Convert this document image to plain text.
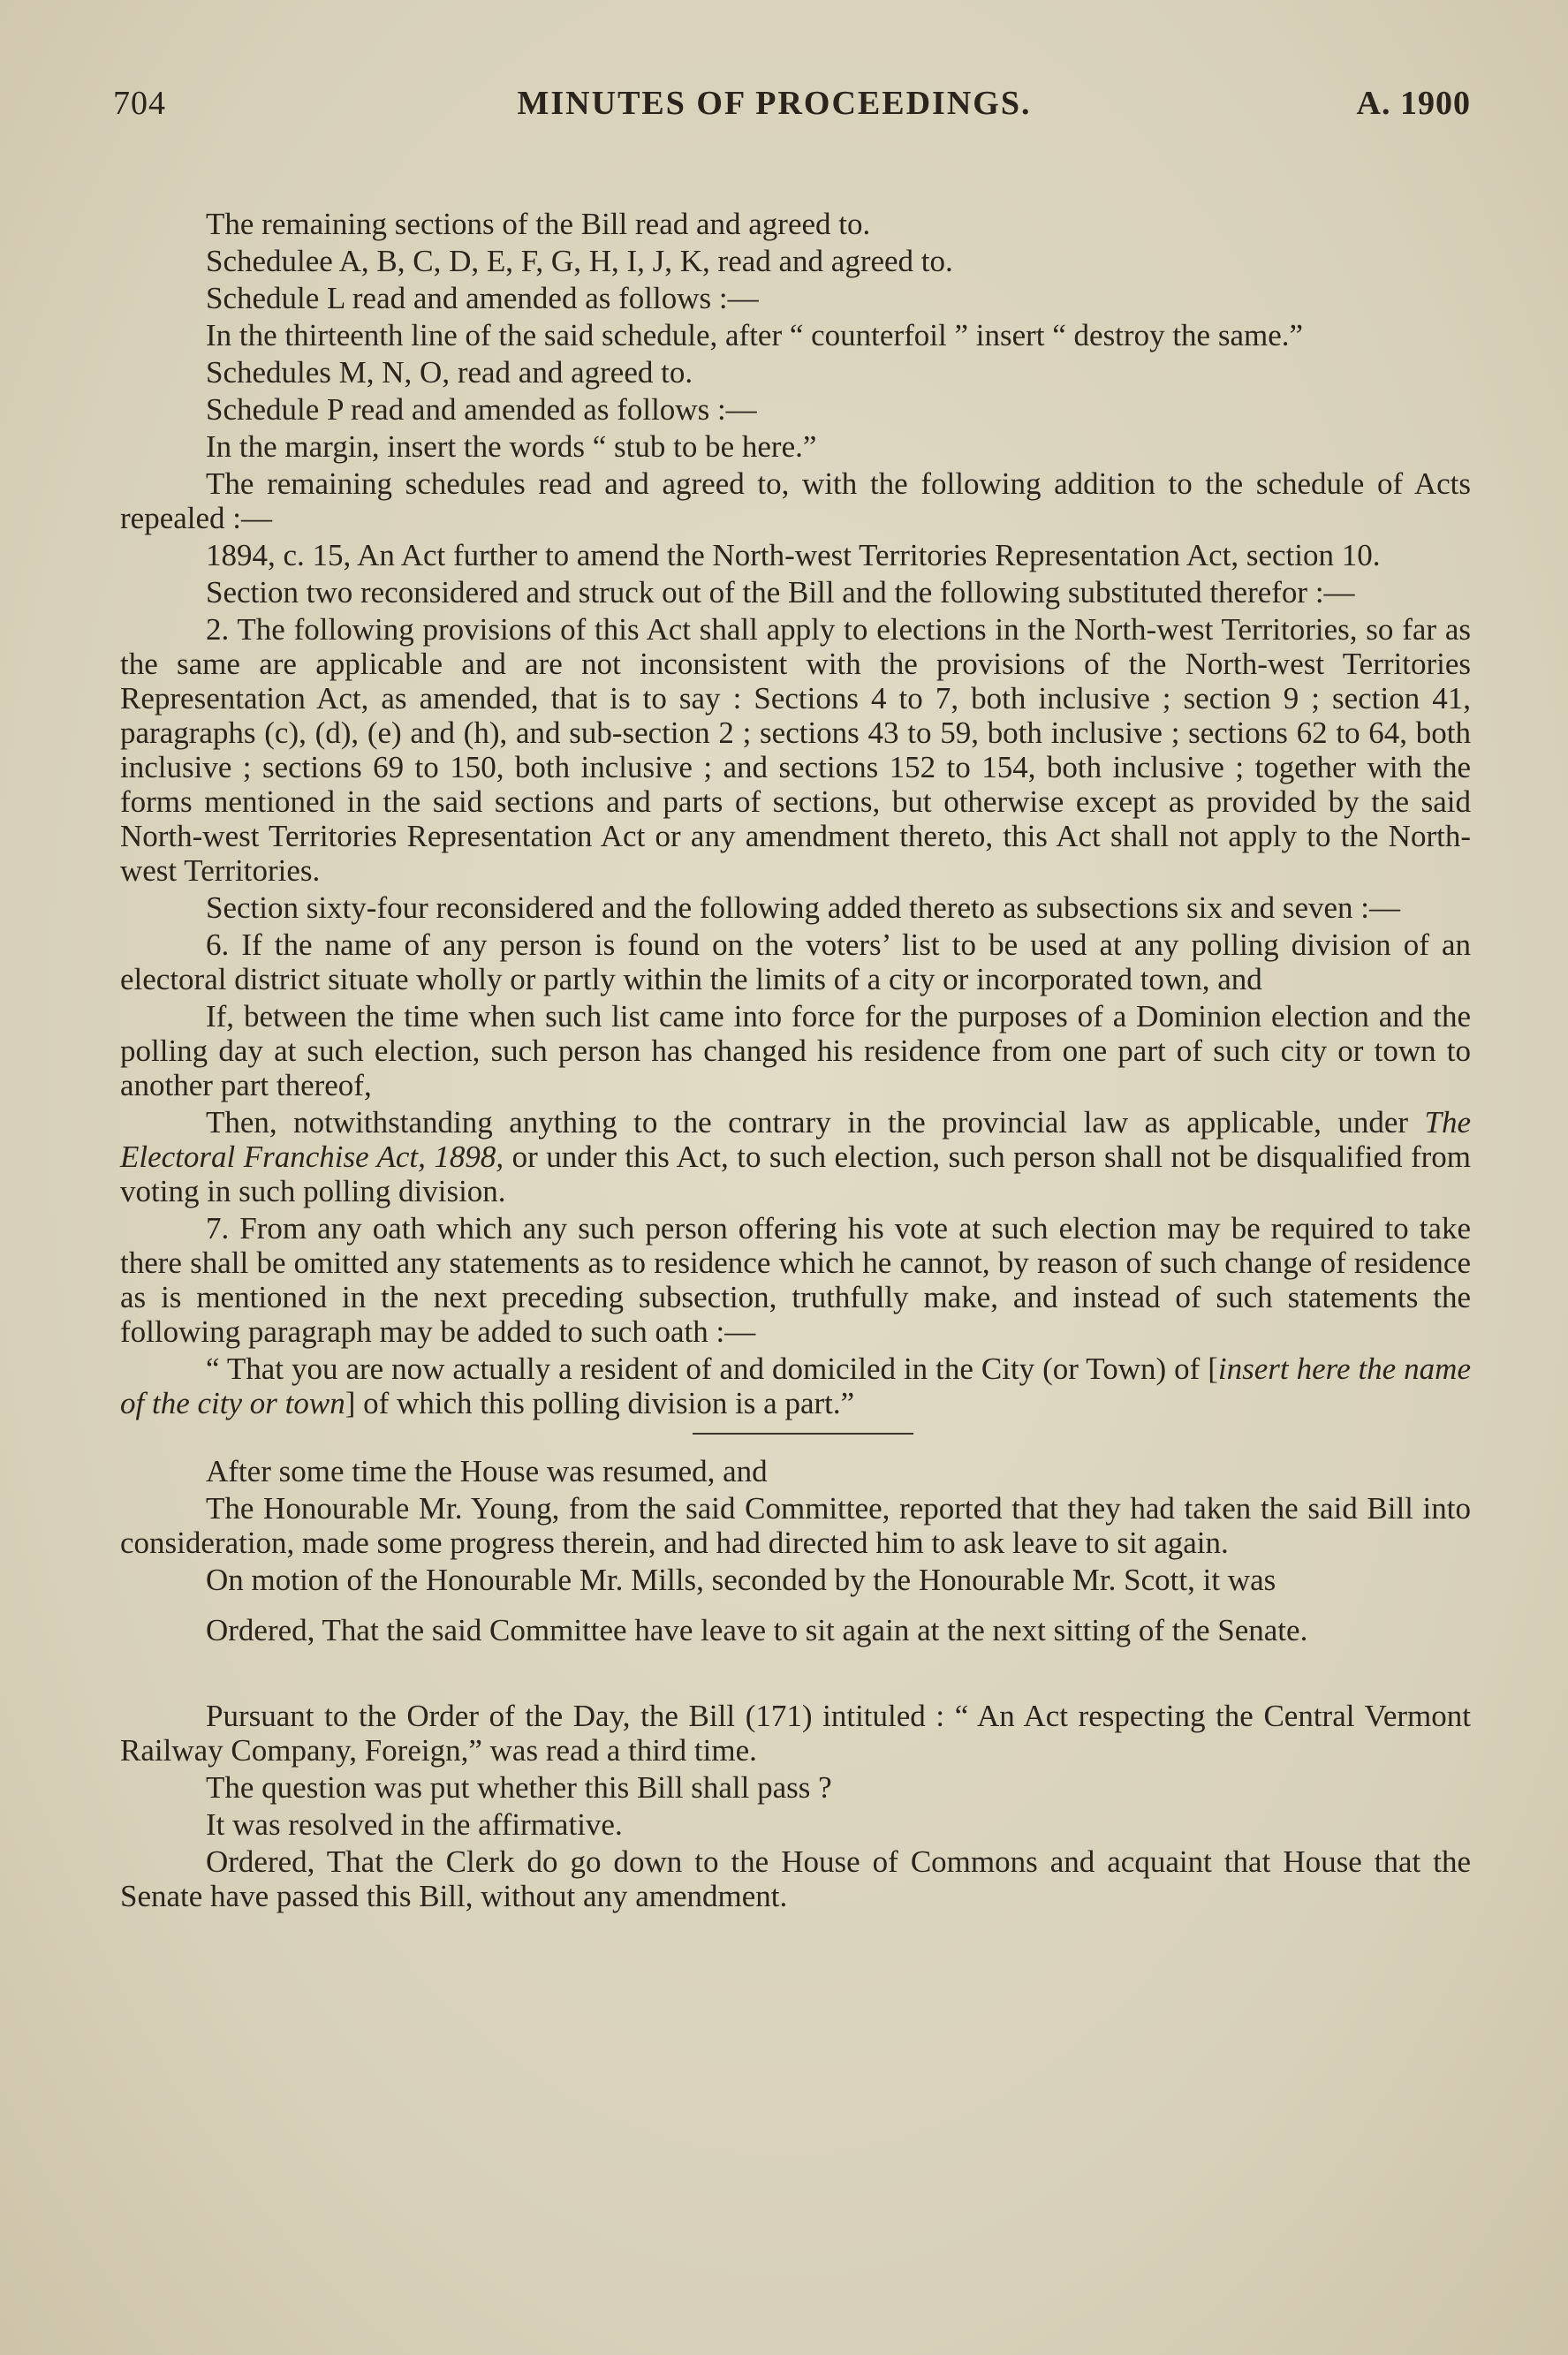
704	MINUTES OF PROCEEDINGS.	A. 1900

The remaining sections of the Bill read and agreed to.

Schedulee A, B, C, D, E, F, G, H, I, J, K, read and agreed to.

Schedule L read and amended as follows :—

In the thirteenth line of the said schedule, after “ counterfoil ” insert “ destroy the same.”

Schedules M, N, O, read and agreed to.

Schedule P read and amended as follows :—

In the margin, insert the words “ stub to be here.”

The remaining schedules read and agreed to, with the following addition to the schedule of Acts repealed :—

1894, c. 15, An Act further to amend the North-west Territories Representation Act, section 10.

Section two reconsidered and struck out of the Bill and the following substituted therefor :—

2. The following provisions of this Act shall apply to elections in the North-west Territories, so far as the same are applicable and are not inconsistent with the provisions of the North-west Territories Representation Act, as amended, that is to say : Sections 4 to 7, both inclusive ; section 9 ; section 41, paragraphs (c), (d), (e) and (h), and sub-section 2 ; sections 43 to 59, both inclusive ; sections 62 to 64, both inclusive ; sections 69 to 150, both inclusive ; and sections 152 to 154, both inclusive ; together with the forms mentioned in the said sections and parts of sections, but otherwise except as provided by the said North-west Territories Representation Act or any amendment thereto, this Act shall not apply to the North-west Territories.

Section sixty-four reconsidered and the following added thereto as subsections six and seven :—

6. If the name of any person is found on the voters’ list to be used at any polling division of an electoral district situate wholly or partly within the limits of a city or incorporated town, and

If, between the time when such list came into force for the purposes of a Dominion election and the polling day at such election, such person has changed his residence from one part of such city or town to another part thereof,

Then, notwithstanding anything to the contrary in the provincial law as applicable, under The Electoral Franchise Act, 1898, or under this Act, to such election, such person shall not be disqualified from voting in such polling division.

7. From any oath which any such person offering his vote at such election may be required to take there shall be omitted any statements as to residence which he cannot, by reason of such change of residence as is mentioned in the next preceding subsection, truthfully make, and instead of such statements the following paragraph may be added to such oath :—

“ That you are now actually a resident of and domiciled in the City (or Town) of [insert here the name of the city or town] of which this polling division is a part.”

After some time the House was resumed, and

The Honourable Mr. Young, from the said Committee, reported that they had taken the said Bill into consideration, made some progress therein, and had directed him to ask leave to sit again.

On motion of the Honourable Mr. Mills, seconded by the Honourable Mr. Scott, it was

Ordered, That the said Committee have leave to sit again at the next sitting of the Senate.

Pursuant to the Order of the Day, the Bill (171) intituled : “ An Act respecting the Central Vermont Railway Company, Foreign,” was read a third time.

The question was put whether this Bill shall pass ?

It was resolved in the affirmative.

Ordered, That the Clerk do go down to the House of Commons and acquaint that House that the Senate have passed this Bill, without any amendment.
